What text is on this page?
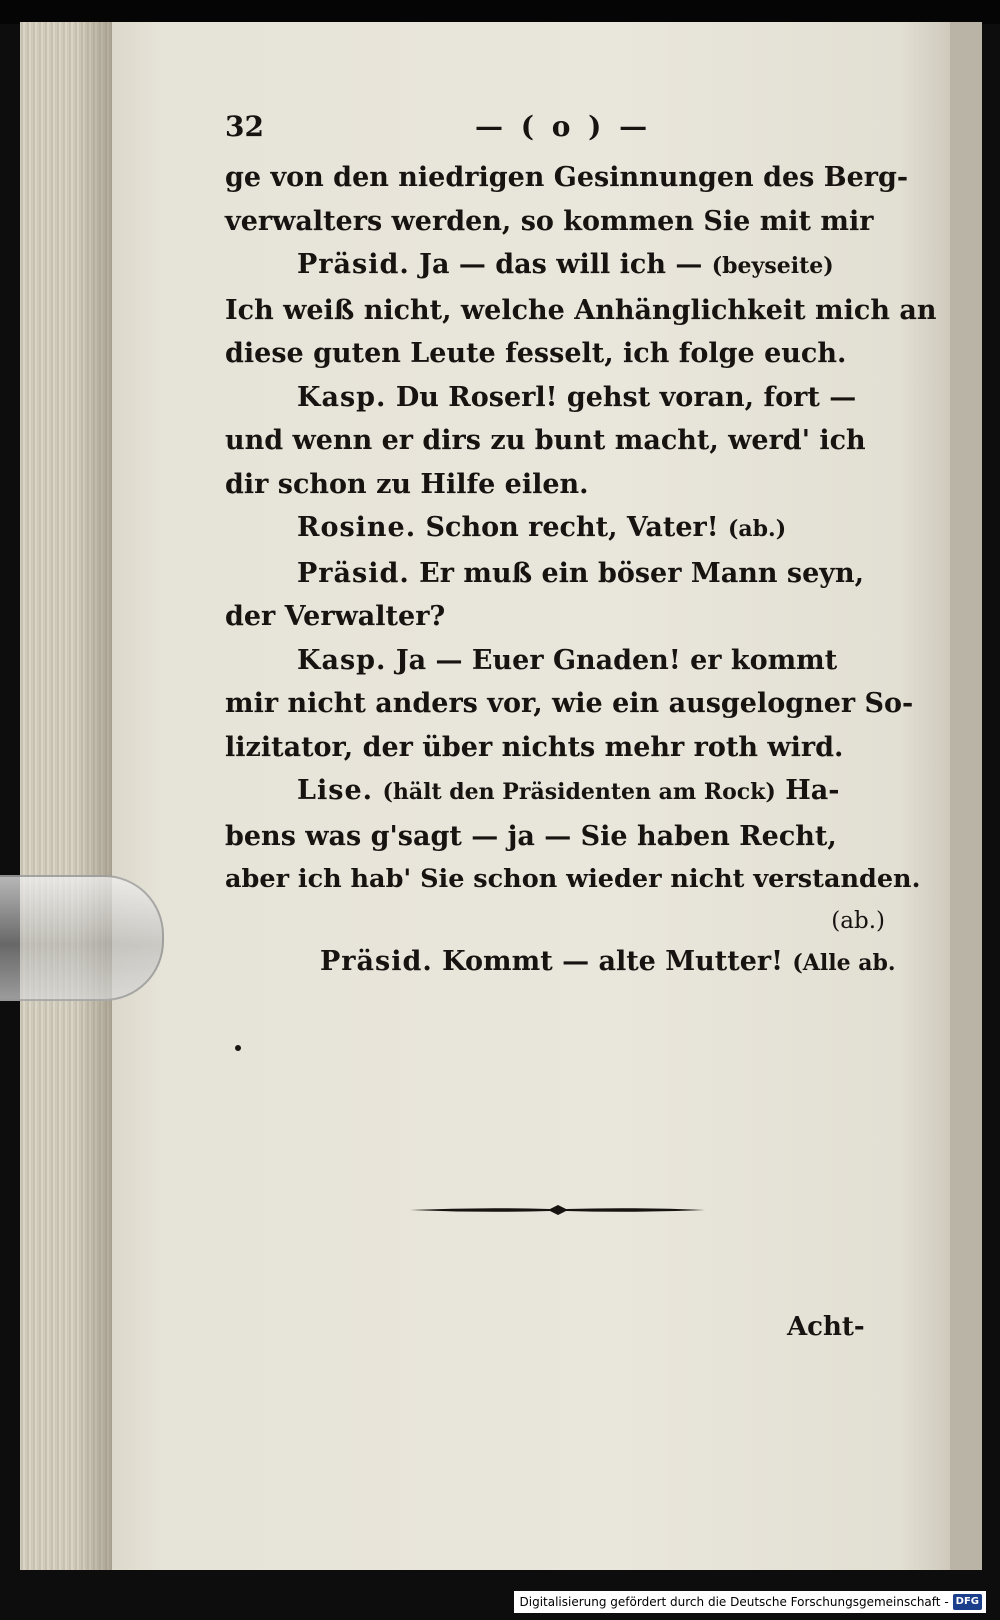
32	— ( o ) —
ge von den niedrigen Gesinnungen des Berg-
verwalters werden, so kommen Sie mit mir
Präsid. Ja — das will ich — (beyseite)
Ich weiß nicht, welche Anhänglichkeit mich an
diese guten Leute fesselt, ich folge euch.
Kasp. Du Roserl! gehst voran, fort —
und wenn er dirs zu bunt macht, werd' ich
dir schon zu Hilfe eilen.
Rosine. Schon recht, Vater! (ab.)
Präsid. Er muß ein böser Mann seyn,
der Verwalter?
Kasp. Ja — Euer Gnaden! er kommt
mir nicht anders vor, wie ein ausgelogner So-
lizitator, der über nichts mehr roth wird.
Lise. (hält den Präsidenten am Rock) Ha-
bens was g'sagt — ja — Sie haben Recht,
aber ich hab' Sie schon wieder nicht verstanden.
(ab.)
Präsid. Kommt — alte Mutter! (Alle ab.
Acht-
Digitalisierung gefördert durch die Deutsche Forschungsgemeinschaft - DFG
